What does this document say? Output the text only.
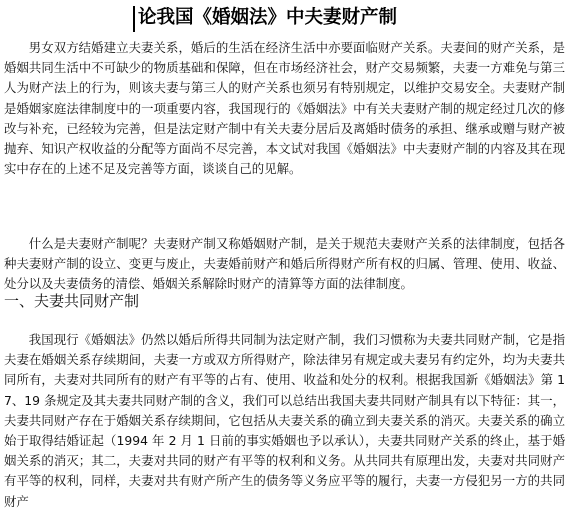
论我国《婚姻法》中夫妻财产制

男女双方结婚建立夫妻关系，婚后的生活在经济生活中亦要面临财产关系。夫妻间的财产关系，是婚姻共同生活中不可缺少的物质基础和保障，但在市场经济社会，财产交易频繁，夫妻一方难免与第三人为财产法上的行为，则该夫妻与第三人的财产关系也须另有特别规定，以维护交易安全。夫妻财产制是婚姻家庭法律制度中的一项重要内容，我国现行的《婚姻法》中有关夫妻财产制的规定经过几次的修改与补充，已经较为完善，但是法定财产制中有关夫妻分居后及离婚时债务的承担、继承或赠与财产被抛弃、知识产权收益的分配等方面尚不尽完善，本文试对我国《婚姻法》中夫妻财产制的内容及其在现实中存在的上述不足及完善等方面，谈谈自己的见解。

什么是夫妻财产制呢？夫妻财产制又称婚姻财产制，是关于规范夫妻财产关系的法律制度，包括各种夫妻财产制的设立、变更与废止，夫妻婚前财产和婚后所得财产所有权的归属、管理、使用、收益、处分以及夫妻债务的清偿、婚姻关系解除时财产的清算等方面的法律制度。

一、夫妻共同财产制

我国现行《婚姻法》仍然以婚后所得共同制为法定财产制，我们习惯称为夫妻共同财产制，它是指夫妻在婚姻关系存续期间，夫妻一方或双方所得财产，除法律另有规定或夫妻另有约定外，均为夫妻共同所有，夫妻对共同所有的财产有平等的占有、使用、收益和处分的权利。根据我国新《婚姻法》第 17、19 条规定及其夫妻共同财产制的含义，我们可以总结出我国夫妻共同财产制具有以下特征：其一，夫妻共同财产存在于婚姻关系存续期间，它包括从夫妻关系的确立到夫妻关系的消灭。夫妻关系的确立始于取得结婚证起（1994 年 2 月 1 日前的事实婚姻也予以承认），夫妻共同财产关系的终止，基于婚姻关系的消灭；其二，夫妻对共同的财产有平等的权利和义务。从共同共有原理出发，夫妻对共同财产有平等的权利，同样，夫妻对共有财产所产生的债务等义务应平等的履行，夫妻一方侵犯另一方的共同财产
